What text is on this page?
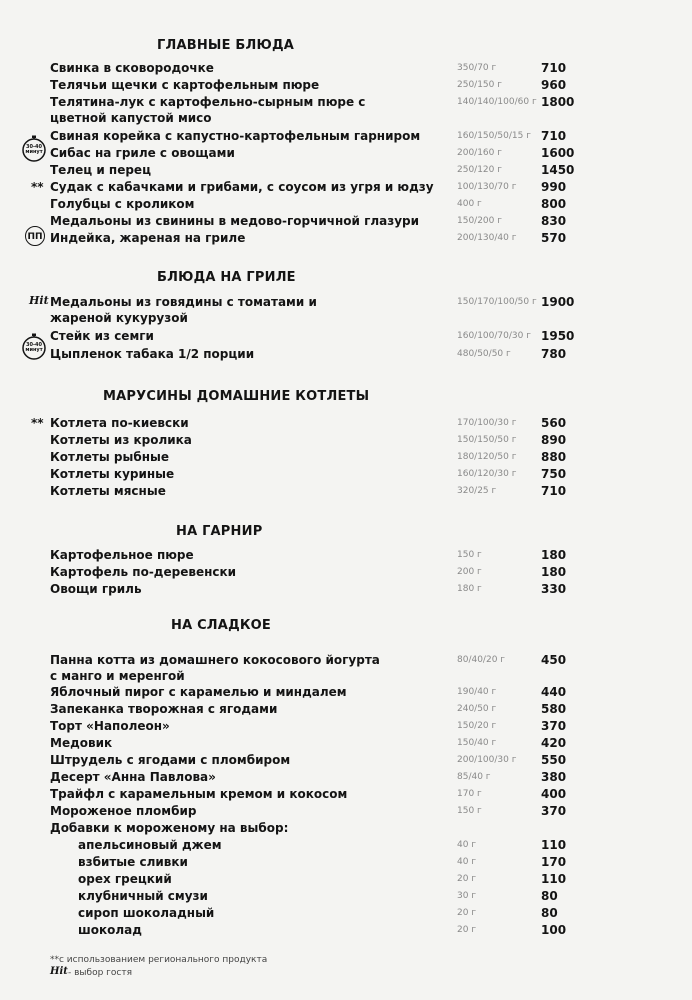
ГЛАВНЫЕ БЛЮДА
Свинка в сковородочке	350/70 г	710
Телячьи щечки с картофельным пюре	250/150 г	960
Телятина-лук с картофельно-сырным пюре с цветной капустой мисо
140/140/100/60 г 1800
Свиная корейка с капустно-картофельным гарниром	160/150/50/15 г 710
Сибас на гриле с овощами	200/160 г	1600
Телец и перец	250/120 г	1450
Судак с кабачками и грибами, с соусом из угря и юдзу	100/130/70 г	990
**
Голубцы с кроликом	400 г	800
Медальоны из свинины в медово-горчичной глазури	150/200 г	830
Индейка, жареная на гриле	200/130/40 г	570
БЛЮДА НА ГРИЛЕ
Медальоны из говядины с томатами и жареной кукурузой
150/170/100/50 г 1900
Стейк из семги	160/100/70/30 г 1950
Цыпленок табака 1/2 порции	480/50/50 г	780
МАРУСИНЫ ДОМАШНИЕ КОТЛЕТЫ
Котлета по-киевски	170/100/30 г	560
**
Котлеты из кролика	150/150/50 г	890
Котлеты рыбные	180/120/50 г	880
Котлеты куриные	160/120/30 г	750
Котлеты мясные	320/25 г	710
НА ГАРНИР
Картофельное пюре	150 г	180
Картофель по-деревенски	200 г	180
Овощи гриль	180 г	330
НА СЛАДКОЕ
Панна котта из домашнего кокосового йогурта с манго и меренгой
80/40/20 г	450
Яблочный пирог с карамелью и миндалем	190/40 г	440
Запеканка творожная с ягодами	240/50 г	580
Торт «Наполеон»	150/20 г	370
Медовик	150/40 г	420
Штрудель с ягодами с пломбиром	200/100/30 г	550
Десерт «Анна Павлова»	85/40 г	380
Трайфл с карамельным кремом и кокосом	170 г	400
Мороженое пломбир	150 г	370
Добавки к мороженому на выбор:
апельсиновый джем	40 г	110
взбитые сливки	40 г	170
орех грецкий	20 г	110
клубничный смузи	30 г	80
сироп шоколадный	20 г	80
шоколад	20 г	100
30-40 минут
30-40 минут
ПП
Hit
**с использованием регионального продукта
Hit - выбор гостя
